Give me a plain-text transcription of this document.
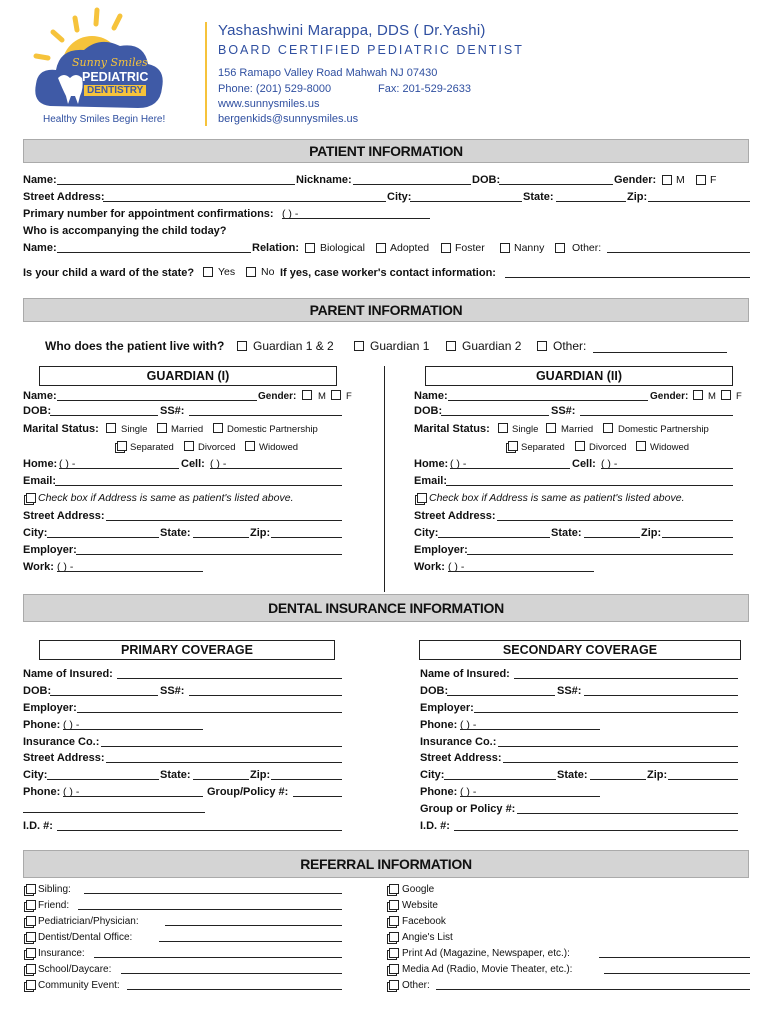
Sunny Smiles
PEDIATRIC
DENTISTRY
Healthy Smiles Begin Here!
Yashashwini Marappa, DDS ( Dr.Yashi)
BOARD CERTIFIED PEDIATRIC DENTIST
156 Ramapo Valley Road Mahwah NJ 07430
Phone: (201) 529-8000	Fax: 201-529-2633
www.sunnysmiles.us
bergenkids@sunnysmiles.us
PATIENT INFORMATION
Name:	Nickname:	DOB:	Gender: M F
Street Address:	City:	State:	Zip:
Primary number for appointment confirmations: ( ) -
Who is accompanying the child today?
Name:	Relation: Biological Adopted Foster	Nanny	Other:
Is your child a ward of the state? Yes No If yes, case worker's contact information:
PARENT INFORMATION
Who does the patient live with? Guardian 1 & 2	Guardian 1	Guardian 2	Other:
GUARDIAN (I)	GUARDIAN (II)
Name:	Gender: M F
DOB:	SS#:
Marital Status: Single Married	Domestic Partnership
Separated	Divorced Widowed
Home: ( ) -	Cell: ( ) -
Email:
Check box if Address is same as patient's listed above.
Street Address:
City:	State:	Zip:
Employer:
Work: ( ) -
Name:	Gender: M F
DOB:	SS#:
Marital Status: Single Married	Domestic Partnership
Separated	Divorced Widowed
Home: ( ) -	Cell: ( ) -
Email:
Check box if Address is same as patient's listed above.
Street Address:
City:	State:	Zip:
Employer:
Work: ( ) -
DENTAL INSURANCE INFORMATION
PRIMARY COVERAGE	SECONDARY COVERAGE
Name of Insured:
DOB:	SS#:
Employer:
Phone: ( ) -
Insurance Co.:
Street Address:
City:	State:	Zip:
Phone: ( ) -	Group/Policy #:
I.D. #:
Name of Insured:
DOB:	SS#:
Employer:
Phone: ( ) -
Insurance Co.:
Street Address:
City:	State:	Zip:
Phone: ( ) -
Group or Policy #:
I.D. #:
REFERRAL INFORMATION
Sibling:
Friend:
Pediatrician/Physician:
Dentist/Dental Office:
Insurance:
School/Daycare:
Community Event:
Google
Website
Facebook
Angie's List
Print Ad (Magazine, Newspaper, etc.):
Media Ad (Radio, Movie Theater, etc.):
Other:
